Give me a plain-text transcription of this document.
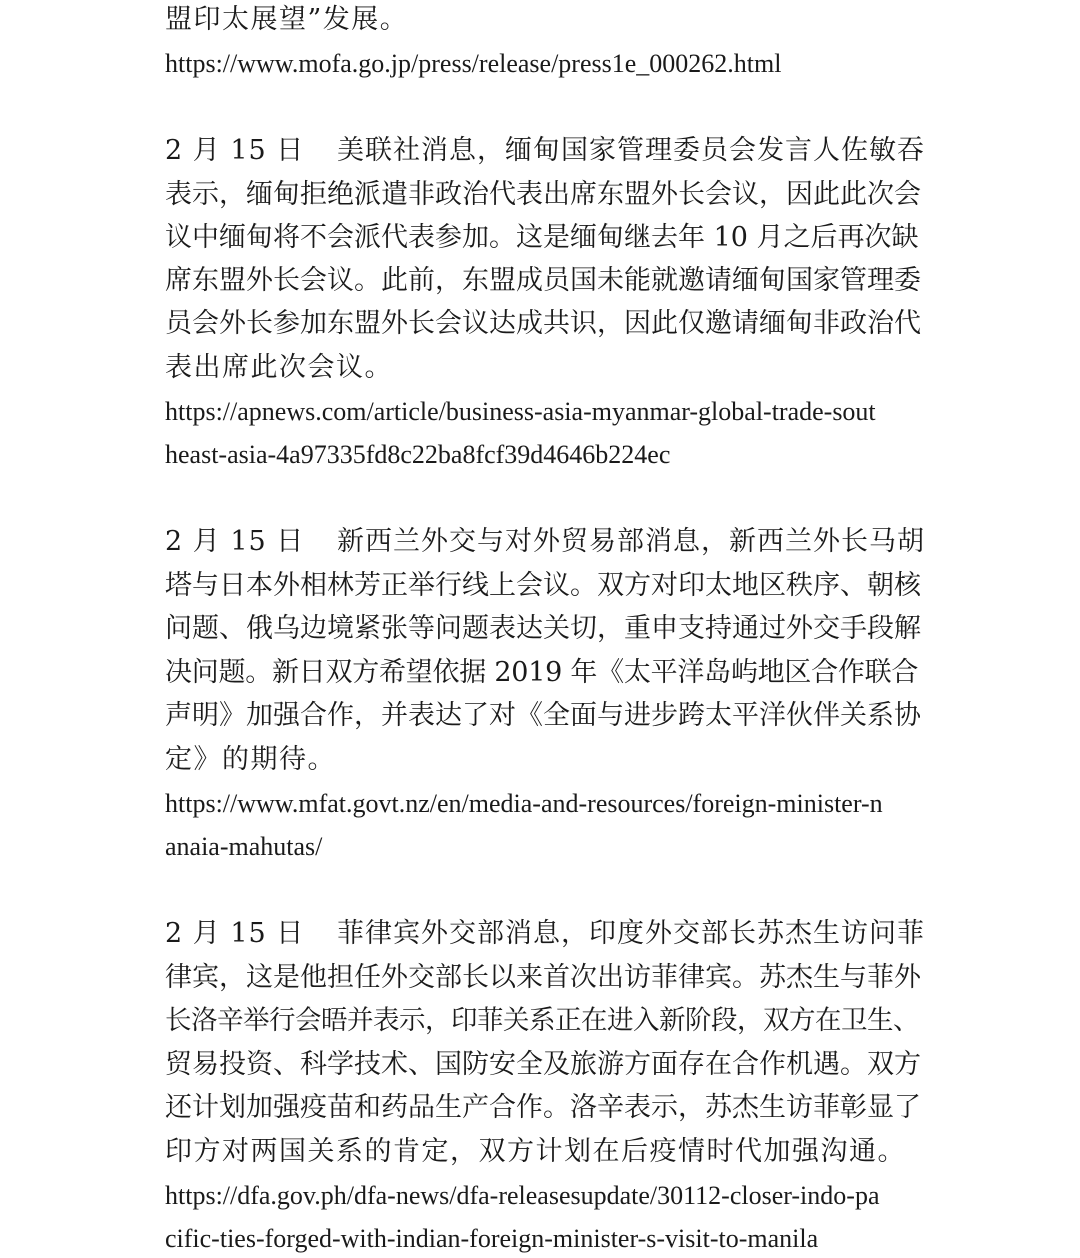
盟印太展望”发展。
https://www.mofa.go.jp/press/release/press1e_000262.html
2 月 15 日 美联社消息，缅甸国家管理委员会发言人佐敏吞
表示，缅甸拒绝派遣非政治代表出席东盟外长会议，因此此次会
议中缅甸将不会派代表参加。这是缅甸继去年 10 月之后再次缺
席东盟外长会议。此前，东盟成员国未能就邀请缅甸国家管理委
员会外长参加东盟外长会议达成共识，因此仅邀请缅甸非政治代
表出席此次会议。
https://apnews.com/article/business-asia-myanmar-global-trade-sout
heast-asia-4a97335fd8c22ba8fcf39d4646b224ec
2 月 15 日 新西兰外交与对外贸易部消息，新西兰外长马胡
塔与日本外相林芳正举行线上会议。双方对印太地区秩序、朝核
问题、俄乌边境紧张等问题表达关切，重申支持通过外交手段解
决问题。新日双方希望依据 2019 年《太平洋岛屿地区合作联合
声明》加强合作，并表达了对《全面与进步跨太平洋伙伴关系协
定》的期待。
https://www.mfat.govt.nz/en/media-and-resources/foreign-minister-n
anaia-mahutas/
2 月 15 日 菲律宾外交部消息，印度外交部长苏杰生访问菲
律宾，这是他担任外交部长以来首次出访菲律宾。苏杰生与菲外
长洛辛举行会晤并表示，印菲关系正在进入新阶段，双方在卫生、
贸易投资、科学技术、国防安全及旅游方面存在合作机遇。双方
还计划加强疫苗和药品生产合作。洛辛表示，苏杰生访菲彰显了
印方对两国关系的肯定，双方计划在后疫情时代加强沟通。
https://dfa.gov.ph/dfa-news/dfa-releasesupdate/30112-closer-indo-pa
cific-ties-forged-with-indian-foreign-minister-s-visit-to-manila
